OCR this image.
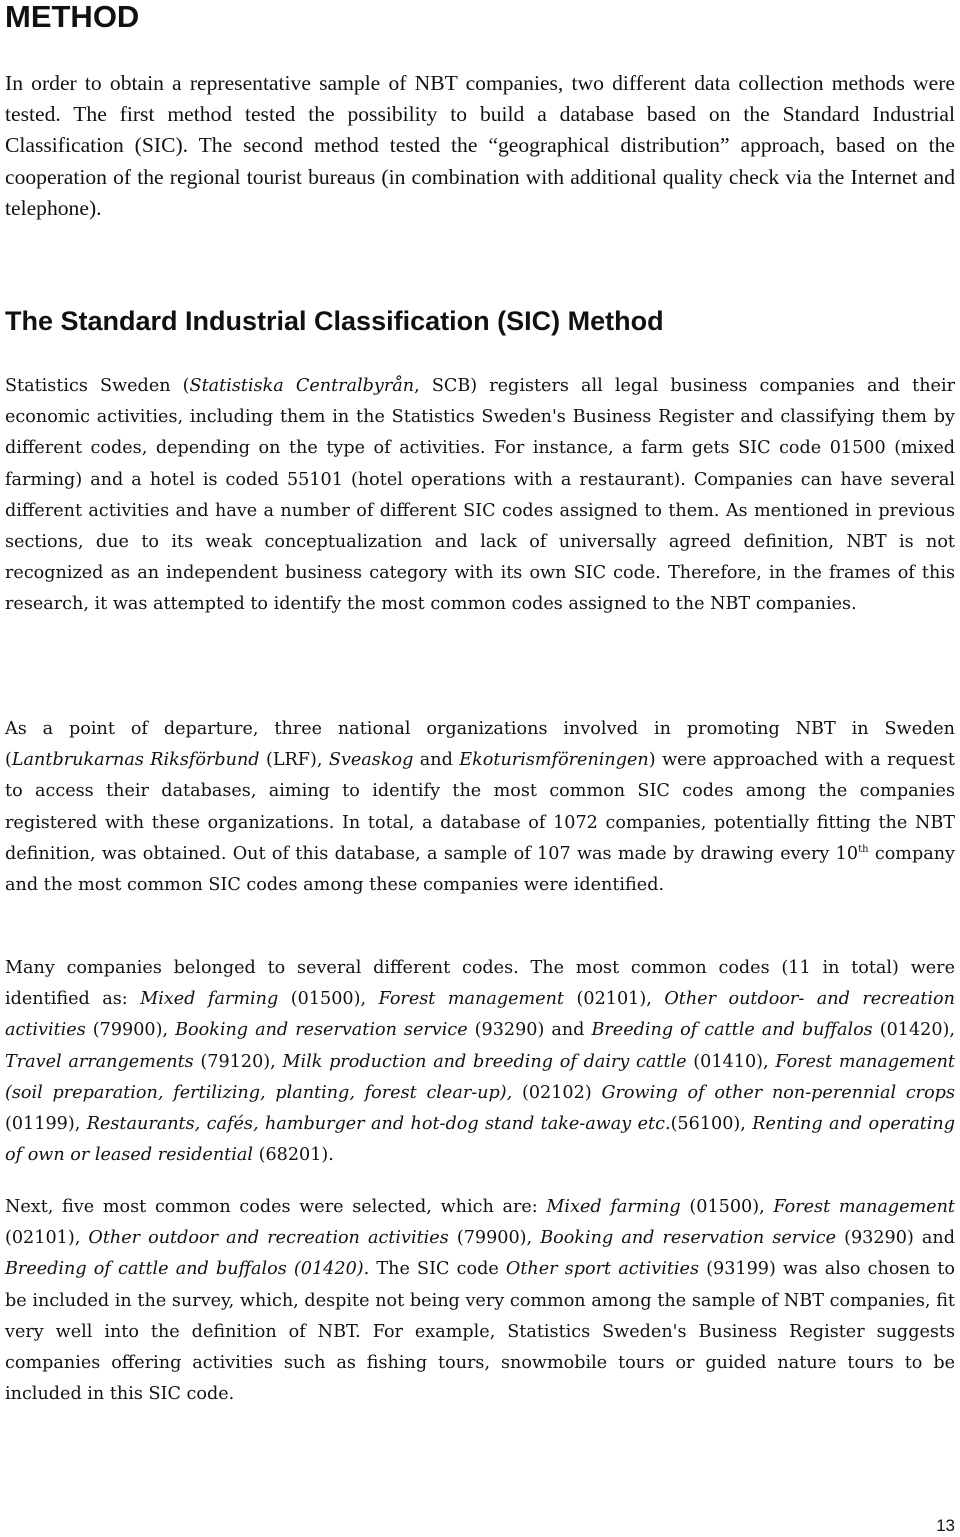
METHOD

In order to obtain a representative sample of NBT companies, two different data collection methods were tested. The first method tested the possibility to build a database based on the Standard Industrial Classification (SIC). The second method tested the “geographical distribution” approach, based on the cooperation of the regional tourist bureaus (in combination with additional quality check via the Internet and telephone).

The Standard Industrial Classification (SIC) Method

Statistics Sweden (Statistiska Centralbyrån, SCB) registers all legal business companies and their economic activities, including them in the Statistics Sweden's Business Register and classifying them by different codes, depending on the type of activities. For instance, a farm gets SIC code 01500 (mixed farming) and a hotel is coded 55101 (hotel operations with a restaurant). Companies can have several different activities and have a number of different SIC codes assigned to them. As mentioned in previous sections, due to its weak conceptualization and lack of universally agreed definition, NBT is not recognized as an independent business category with its own SIC code. Therefore, in the frames of this research, it was attempted to identify the most common codes assigned to the NBT companies.

As a point of departure, three national organizations involved in promoting NBT in Sweden (Lantbrukarnas Riksförbund (LRF), Sveaskog and Ekoturismföreningen) were approached with a request to access their databases, aiming to identify the most common SIC codes among the companies registered with these organizations. In total, a database of 1072 companies, potentially fitting the NBT definition, was obtained. Out of this database, a sample of 107 was made by drawing every 10th company and the most common SIC codes among these companies were identified.

Many companies belonged to several different codes. The most common codes (11 in total) were identified as: Mixed farming (01500), Forest management (02101), Other outdoor- and recreation activities (79900), Booking and reservation service (93290) and Breeding of cattle and buffalos (01420), Travel arrangements (79120), Milk production and breeding of dairy cattle (01410), Forest management (soil preparation, fertilizing, planting, forest clear-up), (02102) Growing of other non-perennial crops (01199), Restaurants, cafés, hamburger and hot-dog stand take-away etc.(56100), Renting and operating of own or leased residential (68201).

Next, five most common codes were selected, which are: Mixed farming (01500), Forest management (02101), Other outdoor and recreation activities (79900), Booking and reservation service (93290) and Breeding of cattle and buffalos (01420). The SIC code Other sport activities (93199) was also chosen to be included in the survey, which, despite not being very common among the sample of NBT companies, fit very well into the definition of NBT. For example, Statistics Sweden's Business Register suggests companies offering activities such as fishing tours, snowmobile tours or guided nature tours to be included in this SIC code.

13
